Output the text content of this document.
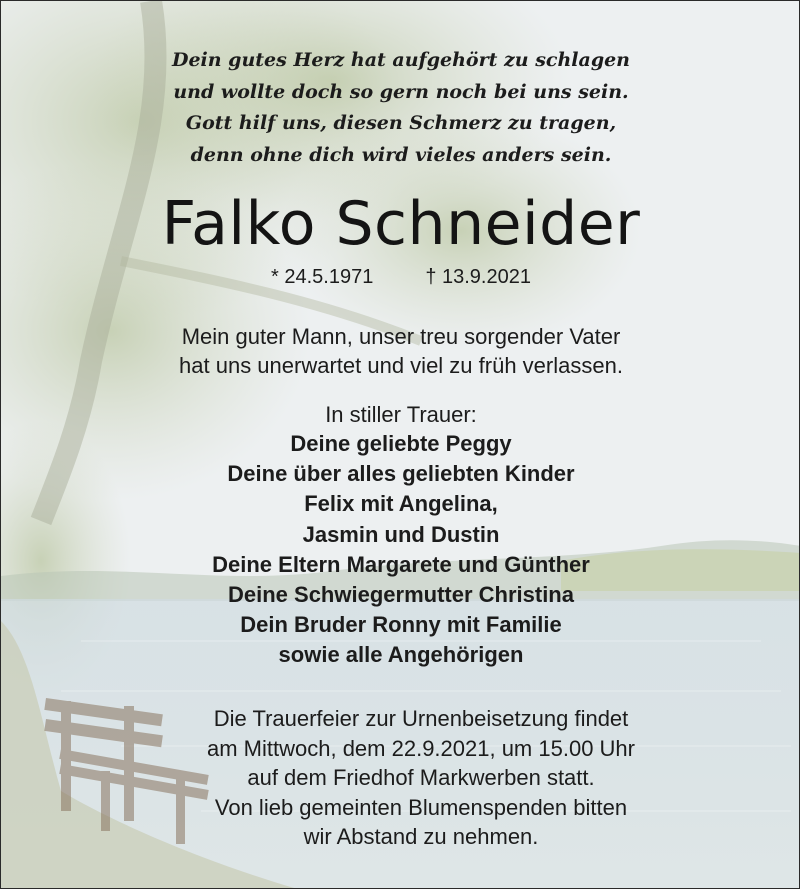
Dein gutes Herz hat aufgehört zu schlagen
und wollte doch so gern noch bei uns sein.
Gott hilf uns, diesen Schmerz zu tragen,
denn ohne dich wird vieles anders sein.
Falko Schneider
* 24.5.1971	† 13.9.2021
Mein guter Mann, unser treu sorgender Vater
hat uns unerwartet und viel zu früh verlassen.
In stiller Trauer:
Deine geliebte Peggy
Deine über alles geliebten Kinder
Felix mit Angelina,
Jasmin und Dustin
Deine Eltern Margarete und Günther
Deine Schwiegermutter Christina
Dein Bruder Ronny mit Familie
sowie alle Angehörigen
Die Trauerfeier zur Urnenbeisetzung findet
am Mittwoch, dem 22.9.2021, um 15.00 Uhr
auf dem Friedhof Markwerben statt.
Von lieb gemeinten Blumenspenden bitten
wir Abstand zu nehmen.
